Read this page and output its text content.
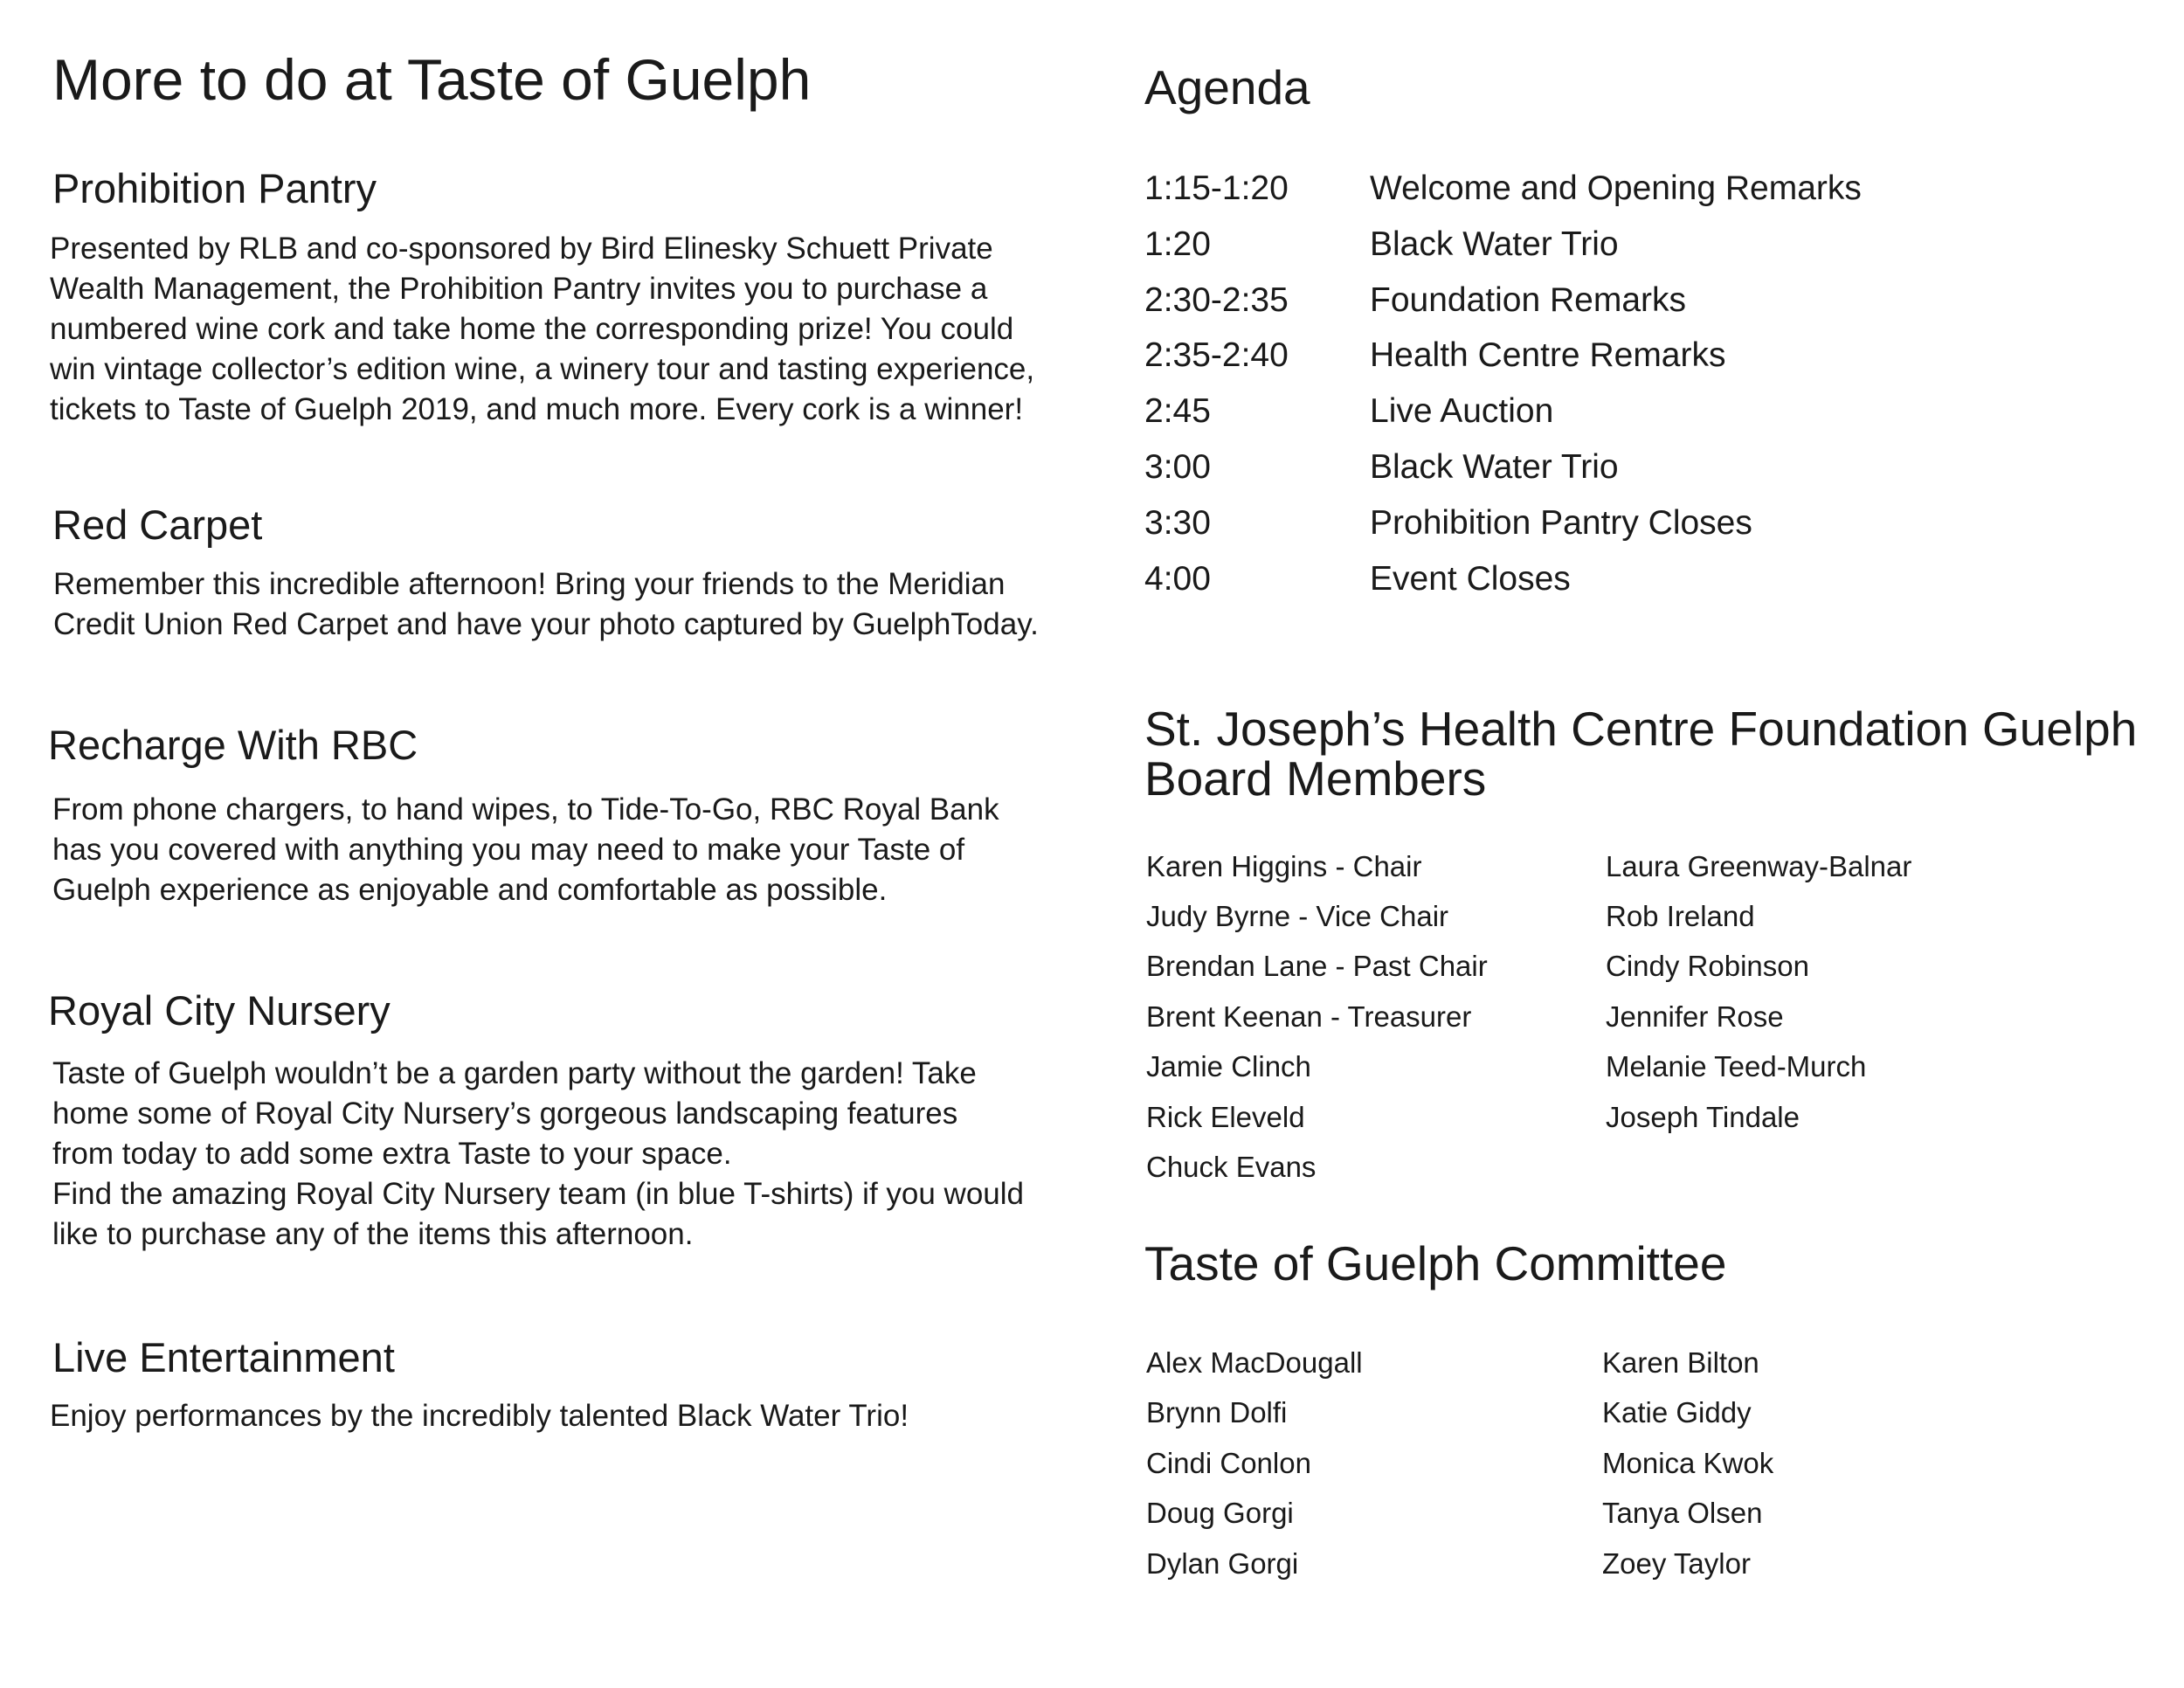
More to do at Taste of Guelph
Prohibition Pantry

Presented by RLB and co-sponsored by Bird Elinesky Schuett Private
Wealth Management, the Prohibition Pantry invites you to purchase a
numbered wine cork and take home the corresponding prize! You could
win vintage collector’s edition wine, a winery tour and tasting experience,
tickets to Taste of Guelph 2019, and much more. Every cork is a winner!

Red Carpet

Remember this incredible afternoon! Bring your friends to the Meridian
Credit Union Red Carpet and have your photo captured by GuelphToday.

Recharge With RBC

From phone chargers, to hand wipes, to Tide-To-Go, RBC Royal Bank
has you covered with anything you may need to make your Taste of
Guelph experience as enjoyable and comfortable as possible.

Royal City Nursery

Taste of Guelph wouldn’t be a garden party without the garden! Take
home some of Royal City Nursery’s gorgeous landscaping features
from today to add some extra Taste to your space.
Find the amazing Royal City Nursery team (in blue T-shirts) if you would
like to purchase any of the items this afternoon.

Live Entertainment

Enjoy performances by the incredibly talented Black Water Trio!

Agenda
1:15-1:20 Welcome and Opening Remarks
1:20	Black Water Trio
2:30-2:35 Foundation Remarks
2:35-2:40 Health Centre Remarks
2:45	Live Auction
3:00	Black Water Trio
3:30	Prohibition Pantry Closes
4:00	Event Closes
St. Joseph’s Health Centre Foundation Guelph
Board Members
Karen Higgins - Chair
Judy Byrne - Vice Chair
Brendan Lane - Past Chair
Brent Keenan - Treasurer
Jamie Clinch
Rick Eleveld
Chuck Evans
Laura Greenway-Balnar
Rob Ireland
Cindy Robinson
Jennifer Rose
Melanie Teed-Murch
Joseph Tindale
Taste of Guelph Committee
Alex MacDougall
Brynn Dolfi
Cindi Conlon
Doug Gorgi
Dylan Gorgi
Karen Bilton
Katie Giddy
Monica Kwok
Tanya Olsen
Zoey Taylor
